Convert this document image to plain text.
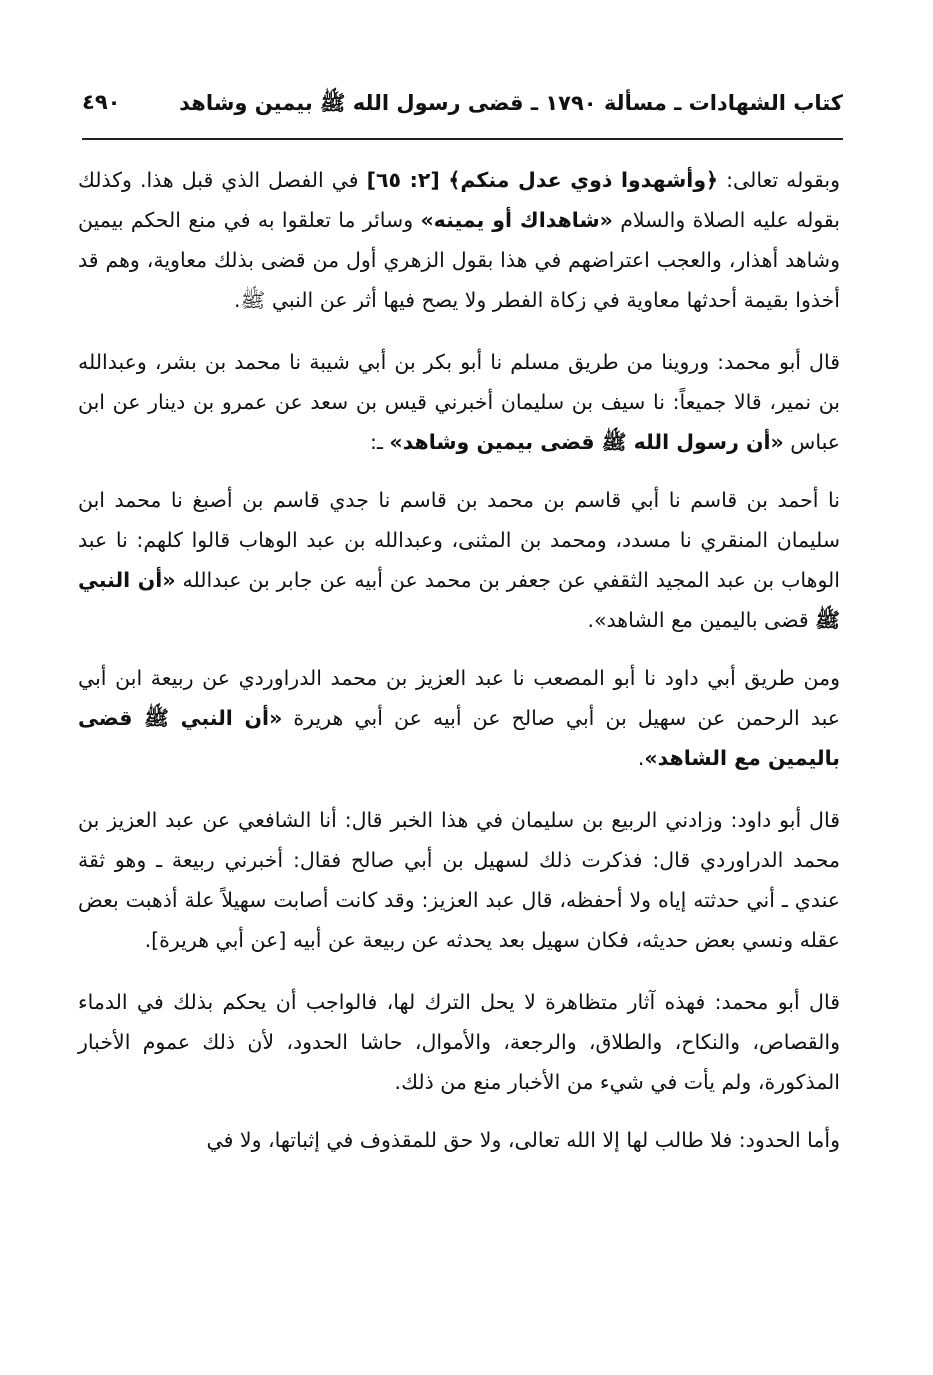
كتاب الشهادات ـ مسألة ١٧٩٠ ـ قضى رسول الله ﷺ بيمين وشاهد
٤٩٠

وبقوله تعالى: ﴿وأشهدوا ذوي عدل منكم﴾ [٢: ٦٥] في الفصل الذي قبل هذا. وكذلك بقوله عليه الصلاة والسلام «شاهداك أو يمينه» وسائر ما تعلقوا به في منع الحكم بيمين وشاهد أهذار، والعجب اعتراضهم في هذا بقول الزهري أول من قضى بذلك معاوية، وهم قد أخذوا بقيمة أحدثها معاوية في زكاة الفطر ولا يصح فيها أثر عن النبي ﷺ.

قال أبو محمد: وروينا من طريق مسلم نا أبو بكر بن أبي شيبة نا محمد بن بشر، وعبدالله بن نمير، قالا جميعاً: نا سيف بن سليمان أخبرني قيس بن سعد عن عمرو بن دينار عن ابن عباس «أن رسول الله ﷺ قضى بيمين وشاهد» ـ:

نا أحمد بن قاسم نا أبي قاسم بن محمد بن قاسم نا جدي قاسم بن أصبغ نا محمد ابن سليمان المنقري نا مسدد، ومحمد بن المثنى، وعبدالله بن عبد الوهاب قالوا كلهم: نا عبد الوهاب بن عبد المجيد الثقفي عن جعفر بن محمد عن أبيه عن جابر بن عبدالله «أن النبي ﷺ قضى باليمين مع الشاهد».

ومن طريق أبي داود نا أبو المصعب نا عبد العزيز بن محمد الدراوردي عن ربيعة ابن أبي عبد الرحمن عن سهيل بن أبي صالح عن أبيه عن أبي هريرة «أن النبي ﷺ قضى باليمين مع الشاهد».

قال أبو داود: وزادني الربيع بن سليمان في هذا الخبر قال: أنا الشافعي عن عبد العزيز بن محمد الدراوردي قال: فذكرت ذلك لسهيل بن أبي صالح فقال: أخبرني ربيعة ـ وهو ثقة عندي ـ أني حدثته إياه ولا أحفظه، قال عبد العزيز: وقد كانت أصابت سهيلاً علة أذهبت بعض عقله ونسي بعض حديثه، فكان سهيل بعد يحدثه عن ربيعة عن أبيه [عن أبي هريرة].

قال أبو محمد: فهذه آثار متظاهرة لا يحل الترك لها، فالواجب أن يحكم بذلك في الدماء والقصاص، والنكاح، والطلاق، والرجعة، والأموال، حاشا الحدود، لأن ذلك عموم الأخبار المذكورة، ولم يأت في شيء من الأخبار منع من ذلك.

وأما الحدود: فلا طالب لها إلا الله تعالى، ولا حق للمقذوف في إثباتها، ولا في
